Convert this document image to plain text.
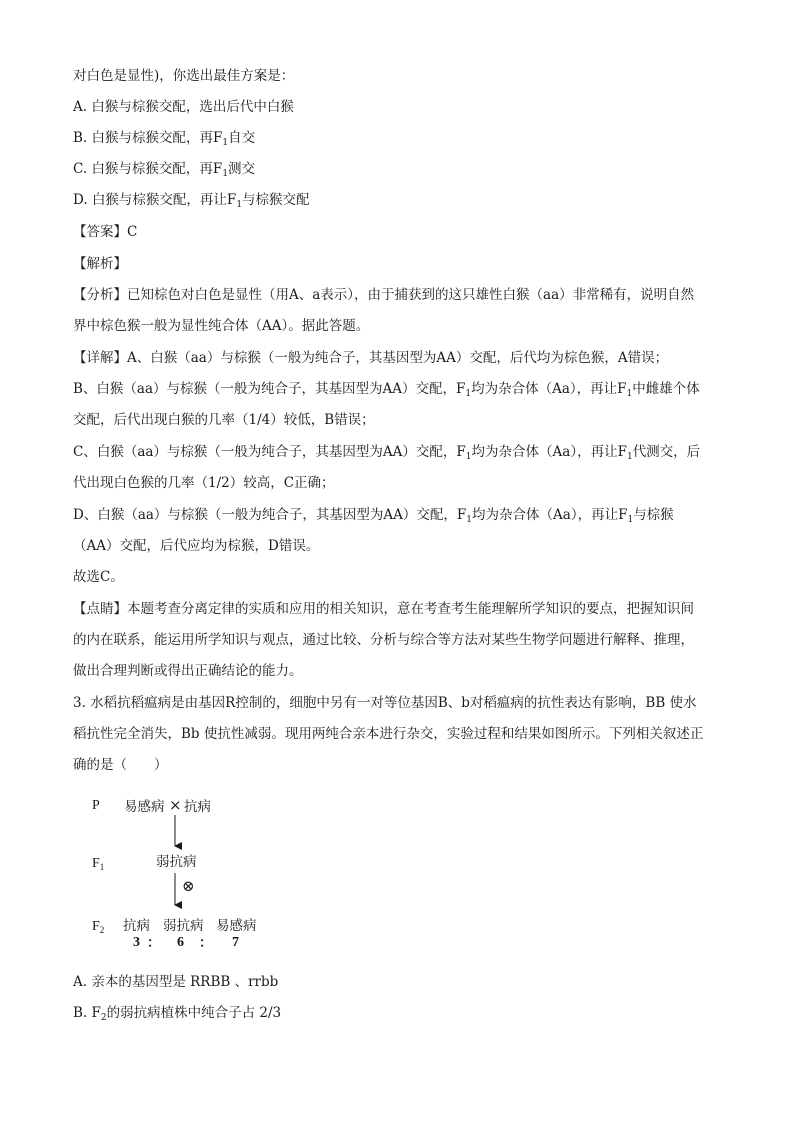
对白色是显性)，你选出最佳方案是：
A. 白猴与棕猴交配，选出后代中白猴
B. 白猴与棕猴交配，再$F_1$自交
C. 白猴与棕猴交配，再$F_1$测交
D. 白猴与棕猴交配，再让$F_1$与棕猴交配
【答案】C
【解析】
【分析】已知棕色对白色是显性（用A、a表示），由于捕获到的这只雄性白猴（aa）非常稀有，说明自然
界中棕色猴一般为显性纯合体（AA）。据此答题。
【详解】A、白猴（aa）与棕猴（一般为纯合子，其基因型为AA）交配，后代均为棕色猴，A错误；
B、白猴（aa）与棕猴（一般为纯合子，其基因型为AA）交配，$F_1$均为杂合体（Aa），再让$F_1$中雌雄个体
交配，后代出现白猴的几率（1/4）较低，B错误；
C、白猴（aa）与棕猴（一般为纯合子，其基因型为AA）交配，$F_1$均为杂合体（Aa），再让$F_1$代测交，后
代出现白色猴的几率（1/2）较高，C正确；
D、白猴（aa）与棕猴（一般为纯合子，其基因型为AA）交配，$F_1$均为杂合体（Aa），再让$F_1$与棕猴
（AA）交配，后代应均为棕猴，D错误。
故选C。
【点睛】本题考查分离定律的实质和应用的相关知识，意在考查考生能理解所学知识的要点，把握知识间
的内在联系，能运用所学知识与观点，通过比较、分析与综合等方法对某些生物学问题进行解释、推理，
做出合理判断或得出正确结论的能力。
3. 水稻抗稻瘟病是由基因R控制的，细胞中另有一对等位基因B、b对稻瘟病的抗性表达有影响，BB 使水
稻抗性完全消失，Bb 使抗性减弱。现用两纯合亲本进行杂交，实验过程和结果如图所示。下列相关叙述正
确的是（　　）
P 易感病 × 抗病
$F_1$	弱抗病
⊗
$F_2$ 抗病 弱抗病 易感病
3 ： 6 ： 7
A. 亲本的基因型是 RRBB 、rrbb
B. $F_2$的弱抗病植株中纯合子占 2/3
